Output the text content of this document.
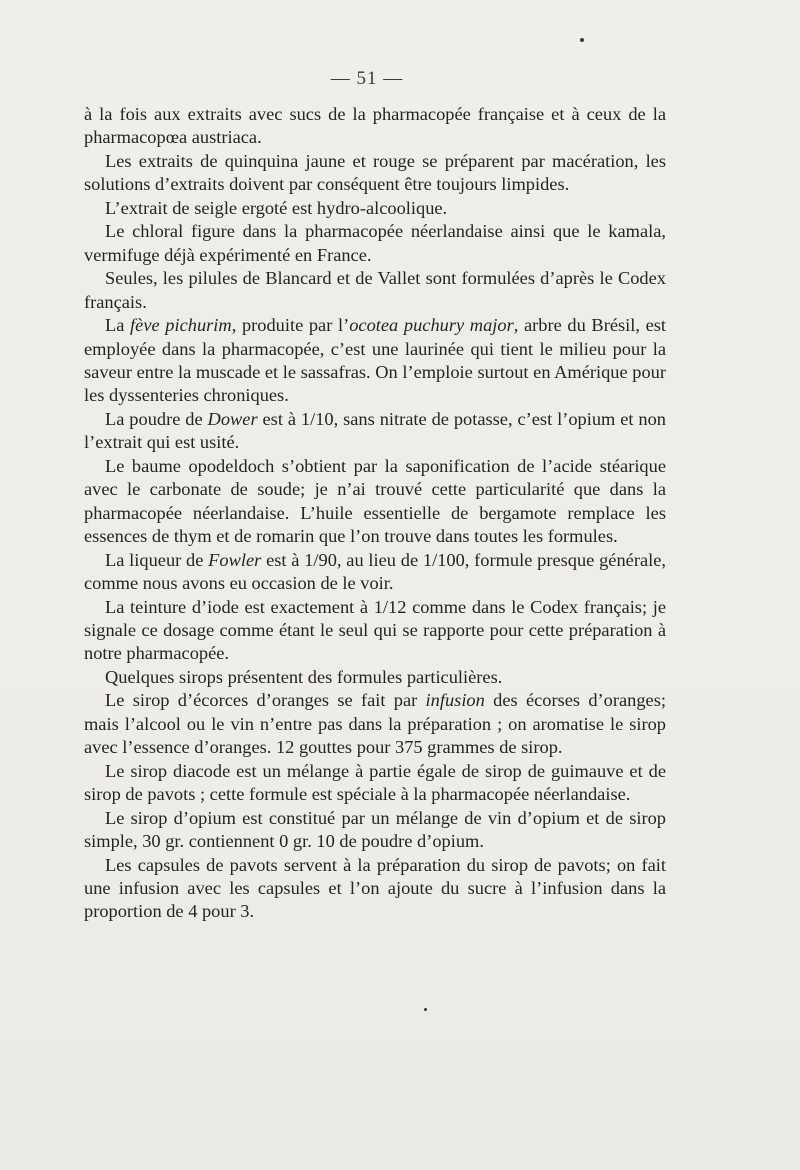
— 51 —

à la fois aux extraits avec sucs de la pharmacopée française et à ceux de la pharmacopœa austriaca.

Les extraits de quinquina jaune et rouge se préparent par macération, les solutions d’extraits doivent par conséquent être toujours limpides.

L’extrait de seigle ergoté est hydro-alcoolique.

Le chloral figure dans la pharmacopée néerlandaise ainsi que le kamala, vermifuge déjà expérimenté en France.

Seules, les pilules de Blancard et de Vallet sont formulées d’après le Codex français.

La fève pichurim, produite par l’ocotea puchury major, arbre du Brésil, est employée dans la pharmacopée, c’est une laurinée qui tient le milieu pour la saveur entre la muscade et le sassafras. On l’emploie surtout en Amérique pour les dyssenteries chroniques.

La poudre de Dower est à 1/10, sans nitrate de potasse, c’est l’opium et non l’extrait qui est usité.

Le baume opodeldoch s’obtient par la saponification de l’acide stéarique avec le carbonate de soude; je n’ai trouvé cette particularité que dans la pharmacopée néerlandaise. L’huile essentielle de bergamote remplace les essences de thym et de romarin que l’on trouve dans toutes les formules.

La liqueur de Fowler est à 1/90, au lieu de 1/100, formule presque générale, comme nous avons eu occasion de le voir.

La teinture d’iode est exactement à 1/12 comme dans le Codex français; je signale ce dosage comme étant le seul qui se rapporte pour cette préparation à notre pharmacopée.

Quelques sirops présentent des formules particulières.

Le sirop d’écorces d’oranges se fait par infusion des écorses d’oranges; mais l’alcool ou le vin n’entre pas dans la préparation ; on aromatise le sirop avec l’essence d’oranges. 12 gouttes pour 375 grammes de sirop.

Le sirop diacode est un mélange à partie égale de sirop de guimauve et de sirop de pavots ; cette formule est spéciale à la pharmacopée néerlandaise.

Le sirop d’opium est constitué par un mélange de vin d’opium et de sirop simple, 30 gr. contiennent 0 gr. 10 de poudre d’opium.

Les capsules de pavots servent à la préparation du sirop de pavots; on fait une infusion avec les capsules et l’on ajoute du sucre à l’infusion dans la proportion de 4 pour 3.
